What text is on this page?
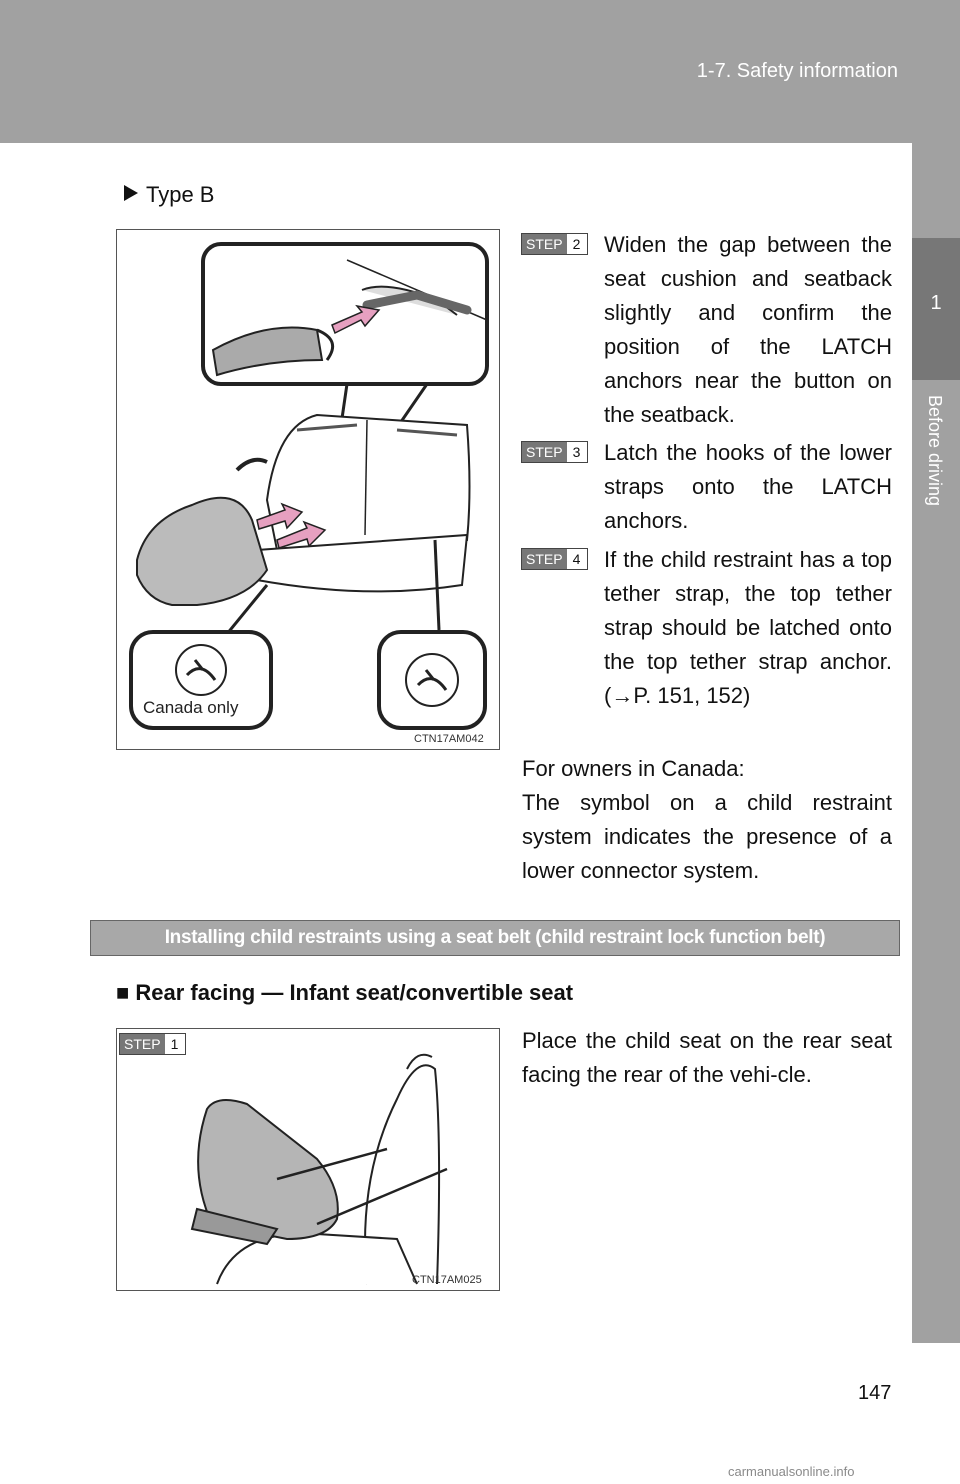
1-7. Safety information
1
Before driving
Type B
Canada only
CTN17AM042
STEP 2 Widen the gap between the seat cushion and seatback slightly and confirm the position of the LATCH anchors near the button on the seatback.
STEP 3 Latch the hooks of the lower straps onto the LATCH anchors.
STEP 4 If the child restraint has a top tether strap, the top tether strap should be latched onto the top tether strap anchor. (→P. 151, 152)
For owners in Canada:
The symbol on a child restraint system indicates the presence of a lower connector system.
Installing child restraints using a seat belt (child restraint lock function belt)
■ Rear facing — Infant seat/convertible seat
STEP 1
CTN17AM025
Place the child seat on the rear seat facing the rear of the vehi-cle.
147
carmanualsonline.info
